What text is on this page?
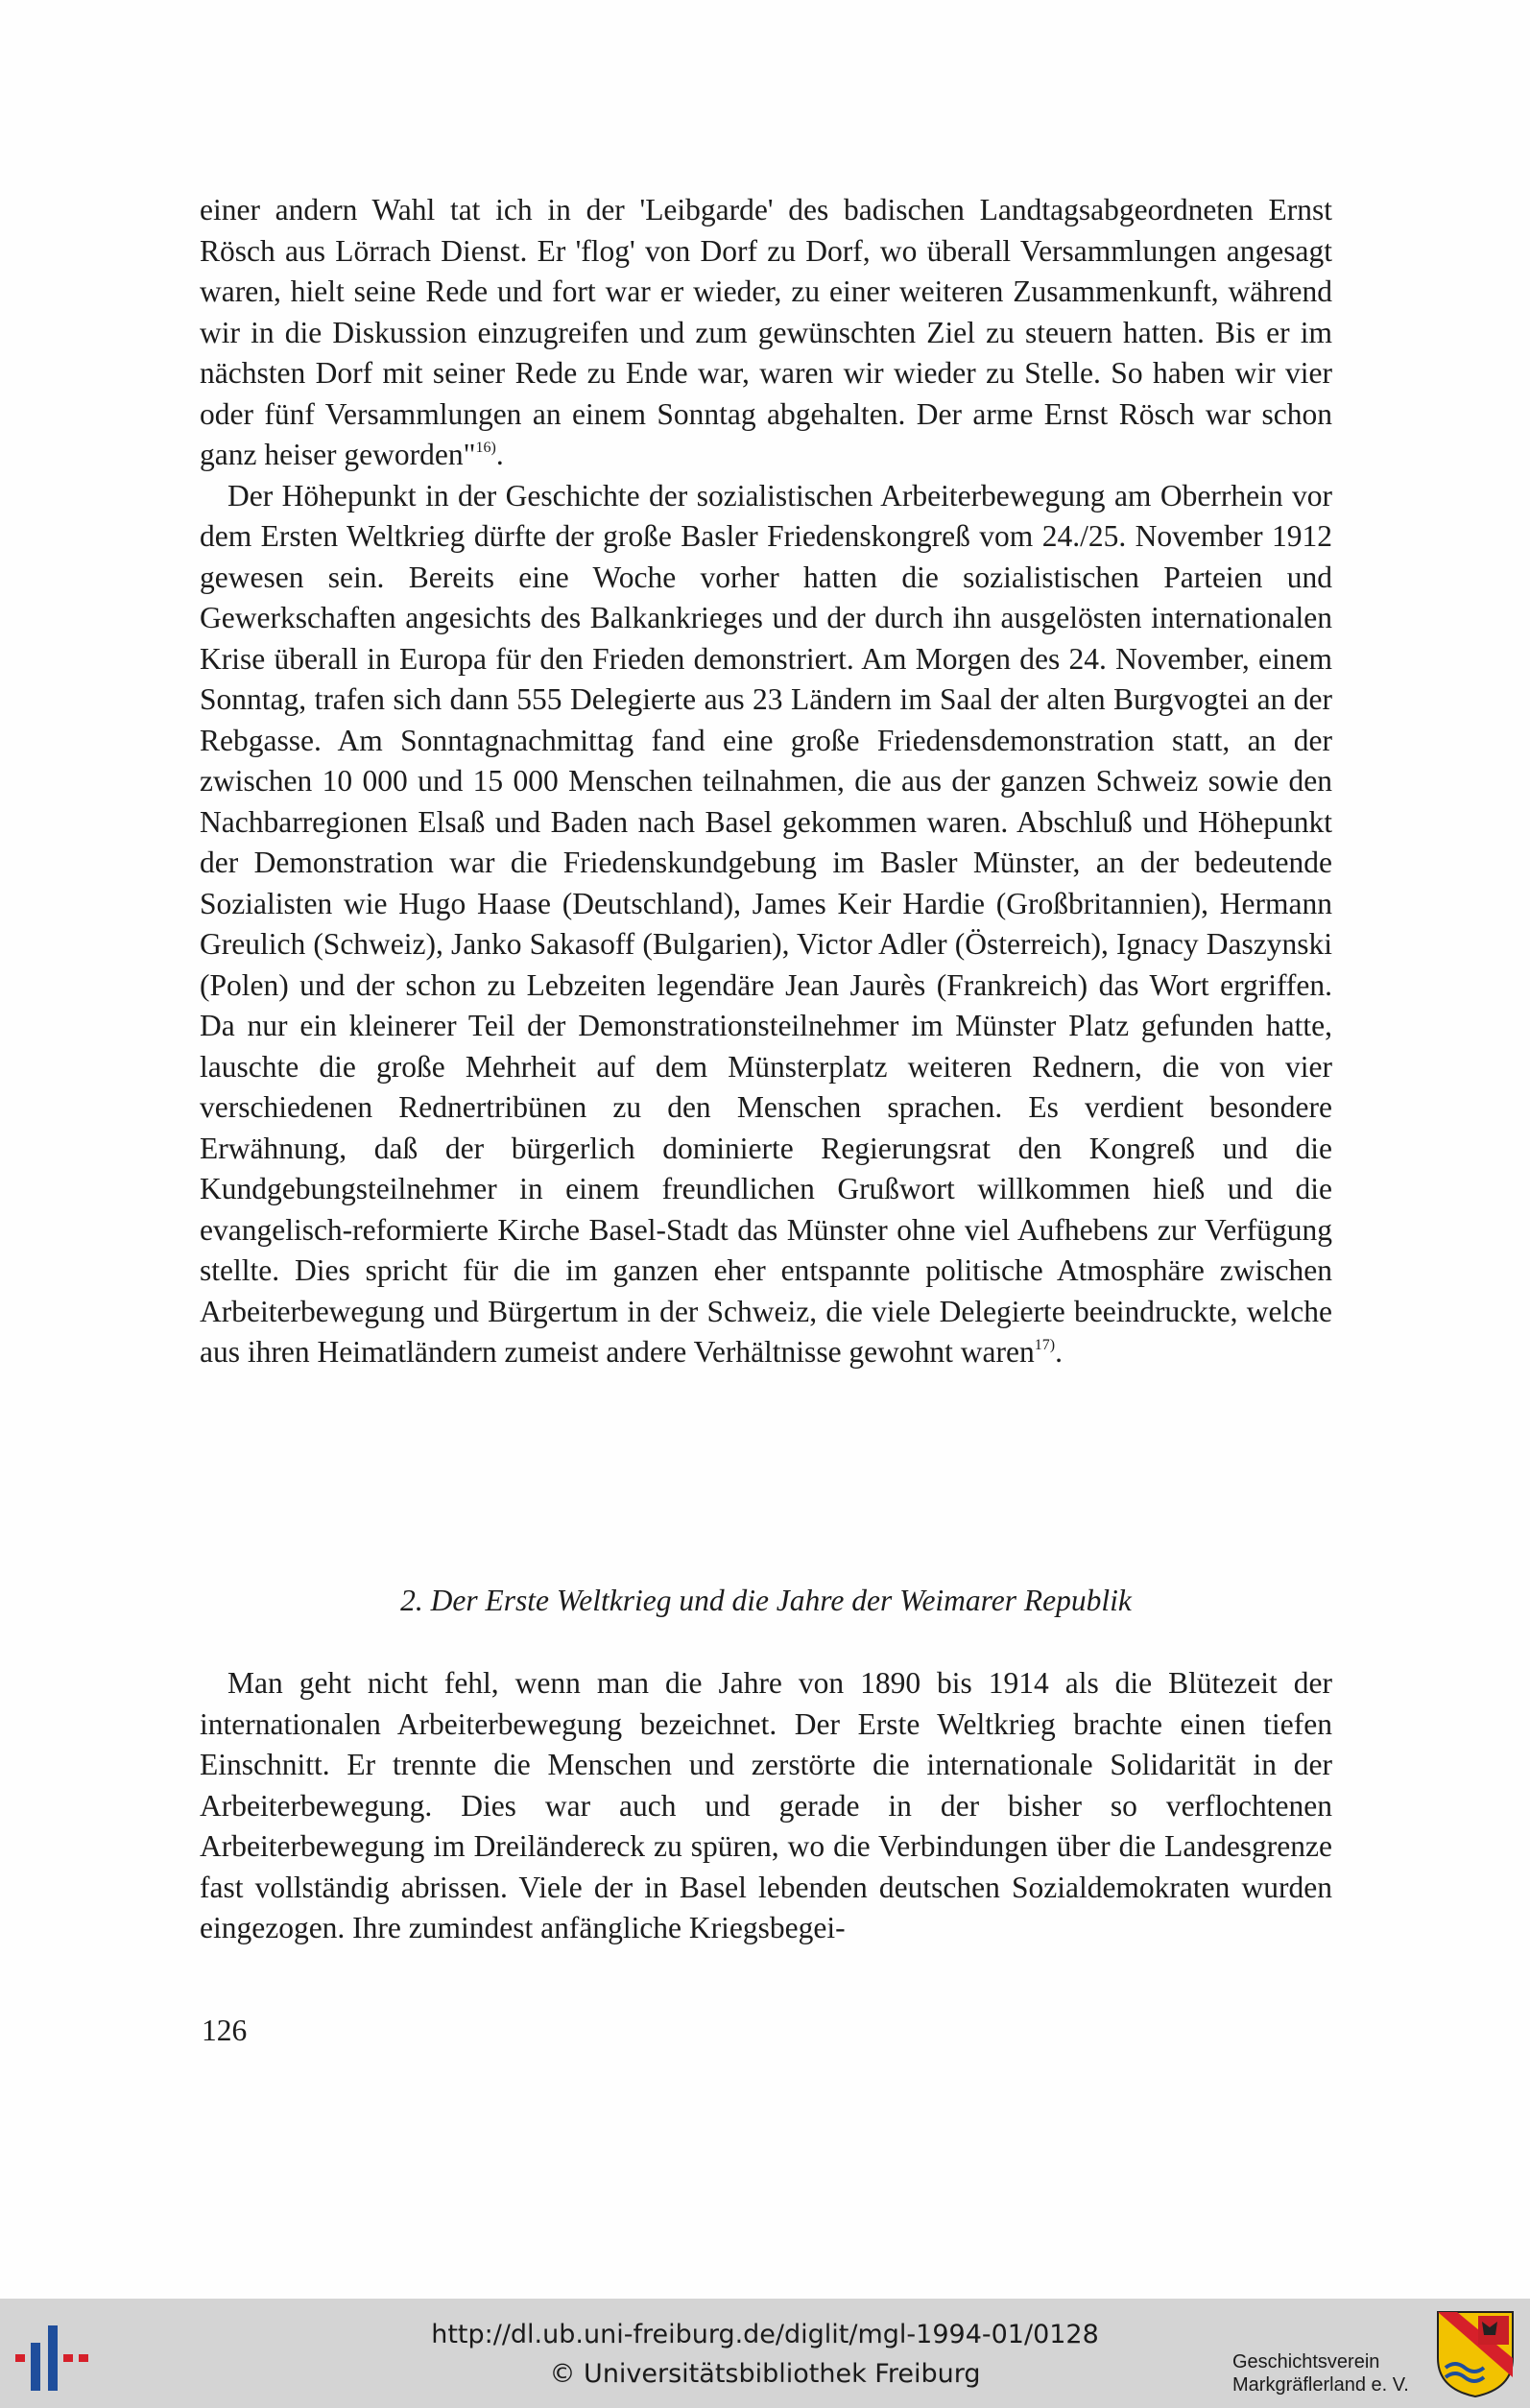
einer andern Wahl tat ich in der 'Leibgarde' des badischen Landtagsabgeordneten Ernst Rösch aus Lörrach Dienst. Er 'flog' von Dorf zu Dorf, wo überall Versammlungen angesagt waren, hielt seine Rede und fort war er wieder, zu einer weiteren Zusammenkunft, während wir in die Diskussion einzugreifen und zum gewünschten Ziel zu steuern hatten. Bis er im nächsten Dorf mit seiner Rede zu Ende war, waren wir wieder zu Stelle. So haben wir vier oder fünf Versammlungen an einem Sonntag abgehalten. Der arme Ernst Rösch war schon ganz heiser geworden"$^{16)}$.

Der Höhepunkt in der Geschichte der sozialistischen Arbeiterbewegung am Oberrhein vor dem Ersten Weltkrieg dürfte der große Basler Friedenskongreß vom 24./25. November 1912 gewesen sein. Bereits eine Woche vorher hatten die sozialistischen Parteien und Gewerkschaften angesichts des Balkankrieges und der durch ihn ausgelösten internationalen Krise überall in Europa für den Frieden demonstriert. Am Morgen des 24. November, einem Sonntag, trafen sich dann 555 Delegierte aus 23 Ländern im Saal der alten Burgvogtei an der Rebgasse. Am Sonntagnachmittag fand eine große Friedensdemonstration statt, an der zwischen 10 000 und 15 000 Menschen teilnahmen, die aus der ganzen Schweiz sowie den Nachbarregionen Elsaß und Baden nach Basel gekommen waren. Abschluß und Höhepunkt der Demonstration war die Friedenskundgebung im Basler Münster, an der bedeutende Sozialisten wie Hugo Haase (Deutschland), James Keir Hardie (Großbritannien), Hermann Greulich (Schweiz), Janko Sakasoff (Bulgarien), Victor Adler (Österreich), Ignacy Daszynski (Polen) und der schon zu Lebzeiten legendäre Jean Jaurès (Frankreich) das Wort ergriffen. Da nur ein kleinerer Teil der Demonstrationsteilnehmer im Münster Platz gefunden hatte, lauschte die große Mehrheit auf dem Münsterplatz weiteren Rednern, die von vier verschiedenen Rednertribünen zu den Menschen sprachen. Es verdient besondere Erwähnung, daß der bürgerlich dominierte Regierungsrat den Kongreß und die Kundgebungsteilnehmer in einem freundlichen Grußwort willkommen hieß und die evangelisch-reformierte Kirche Basel-Stadt das Münster ohne viel Aufhebens zur Verfügung stellte. Dies spricht für die im ganzen eher entspannte politische Atmosphäre zwischen Arbeiterbewegung und Bürgertum in der Schweiz, die viele Delegierte beeindruckte, welche aus ihren Heimatländern zumeist andere Verhältnisse gewohnt waren$^{17)}$.

2. Der Erste Weltkrieg und die Jahre der Weimarer Republik

Man geht nicht fehl, wenn man die Jahre von 1890 bis 1914 als die Blütezeit der internationalen Arbeiterbewegung bezeichnet. Der Erste Weltkrieg brachte einen tiefen Einschnitt. Er trennte die Menschen und zerstörte die internationale Solidarität in der Arbeiterbewegung. Dies war auch und gerade in der bisher so verflochtenen Arbeiterbewegung im Dreiländereck zu spüren, wo die Verbindungen über die Landesgrenze fast vollständig abrissen. Viele der in Basel lebenden deutschen Sozialdemokraten wurden eingezogen. Ihre zumindest anfängliche Kriegsbegei-

126
http://dl.ub.uni-freiburg.de/diglit/mgl-1994-01/0128
© Universitätsbibliothek Freiburg	Geschichtsverein
Markgräflerland e. V.
